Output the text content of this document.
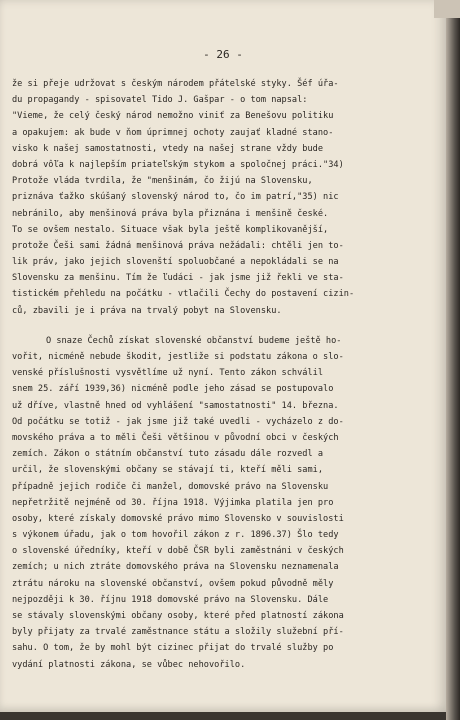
- 26 -
že si přeje udržovat s českým národem přátelské styky. Šéf úřa-
du propagandy - spisovatel Tido J. Gašpar - o tom napsal:
"Vieme, že celý český národ nemožno viniť za Benešovu politiku
a opakujem: ak bude v ňom úprimnej ochoty zaujať kladné stano-
visko k našej samostatnosti, vtedy na našej strane vždy bude
dobrá vôľa k najlepším priateľským stykom a spoločnej práci."34)
Protože vláda tvrdila, že "menšinám, čo žijú na Slovensku,
priznáva ťažko skúšaný slovenský národ to, čo im patrí,"35) nic
nebránilo, aby menšinová práva byla přiznána i menšině české.
To se ovšem nestalo. Situace však byla ještě komplikovanější,
protože Češi sami žádná menšinová práva nežádali: chtěli jen to-
lik práv, jako jejich slovenští spoluobčané a nepokládali se na
Slovensku za menšinu. Tím že ľudáci - jak jsme již řekli ve sta-
tistickém přehledu na počátku - vtlačili Čechy do postavení cizin-
ců, zbavili je i práva na trvalý pobyt na Slovensku.
O snaze Čechů získat slovenské občanství budeme ještě ho-
vořit, nicméně nebude škodit, jestliže si podstatu zákona o slo-
venské příslušnosti vysvětlíme už nyní. Tento zákon schválil
snem 25. září 1939,36) nicméně podle jeho zásad se postupovalo
už dříve, vlastně hned od vyhlášení "samostatnosti" 14. března.
Od počátku se totiž - jak jsme již také uvedli - vycházelo z do-
movského práva a to měli Češi většinou v původní obci v českých
zemích. Zákon o státním občanství tuto zásadu dále rozvedl a
určil, že slovenskými občany se stávají ti, kteří měli sami,
případně jejich rodiče či manžel, domovské právo na Slovensku
nepřetržitě nejméně od 30. října 1918. Výjimka platila jen pro
osoby, které získaly domovské právo mimo Slovensko v souvislosti
s výkonem úřadu, jak o tom hovořil zákon z r. 1896.37) Šlo tedy
o slovenské úředníky, kteří v době ČSR byli zaměstnáni v českých
zemích; u nich ztráte domovského práva na Slovensku neznamenala
ztrátu nároku na slovenské občanství, ovšem pokud původně měly
nejpozději k 30. říjnu 1918 domovské právo na Slovensku. Dále
se stávaly slovenskými občany osoby, které před platností zákona
byly přijaty za trvalé zaměstnance státu a složily služební pří-
sahu. O tom, že by mohl být cizinec přijat do trvalé služby po
vydání platnosti zákona, se vůbec nehovořilo.
